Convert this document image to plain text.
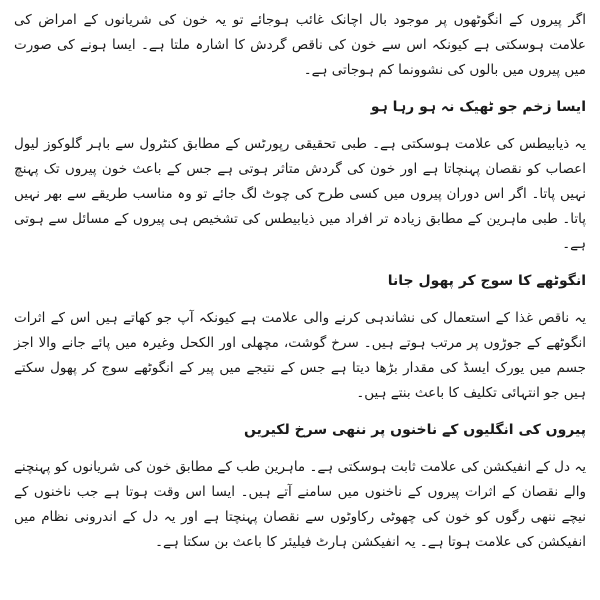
اگر پیروں کے انگوٹھوں پر موجود بال اچانک غائب ہوجائے تو یہ خون کی شریانوں کے امراض کی علامت ہوسکتی ہے کیونکہ اس سے خون کی ناقص گردش کا اشارہ ملتا ہے۔ ایسا ہونے کی صورت میں پیروں میں بالوں کی نشوونما کم ہوجاتی ہے۔

ایسا زخم جو ٹھیک نہ ہو رہا ہو

یہ ذیابیطس کی علامت ہوسکتی ہے۔ طبی تحقیقی رپورٹس کے مطابق کنٹرول سے باہر گلوکوز لیول اعصاب کو نقصان پہنچاتا ہے اور خون کی گردش متاثر ہوتی ہے جس کے باعث خون پیروں تک پہنچ نہیں پاتا۔ اگر اس دوران پیروں میں کسی طرح کی چوٹ لگ جائے تو وہ مناسب طریقے سے بھر نہیں پاتا۔ طبی ماہرین کے مطابق زیادہ تر افراد میں ذیابیطس کی تشخیص ہی پیروں کے مسائل سے ہوتی ہے۔

انگوٹھے کا سوج کر پھول جانا

یہ ناقص غذا کے استعمال کی نشاندہی کرنے والی علامت ہے کیونکہ آپ جو کھاتے ہیں اس کے اثرات انگوٹھے کے جوڑوں پر مرتب ہوتے ہیں۔ سرخ گوشت، مچھلی اور الکحل وغیرہ میں پائے جانے والا اجز جسم میں یورک ایسڈ کی مقدار بڑھا دیتا ہے جس کے نتیجے میں پیر کے انگوٹھے سوج کر پھول سکتے ہیں جو انتہائی تکلیف کا باعث بنتے ہیں۔

پیروں کی انگلیوں کے ناخنوں پر ننھی سرخ لکیریں

یہ دل کے انفیکشن کی علامت ثابت ہوسکتی ہے۔ ماہرین طب کے مطابق خون کی شریانوں کو پہنچنے والے نقصان کے اثرات پیروں کے ناخنوں میں سامنے آتے ہیں۔ ایسا اس وقت ہوتا ہے جب ناخنوں کے نیچے ننھی رگوں کو خون کی چھوٹی رکاوٹوں سے نقصان پہنچتا ہے اور یہ دل کے اندرونی نظام میں انفیکشن کی علامت ہوتا ہے۔ یہ انفیکشن ہارٹ فیلیئر کا باعث بن سکتا ہے۔
